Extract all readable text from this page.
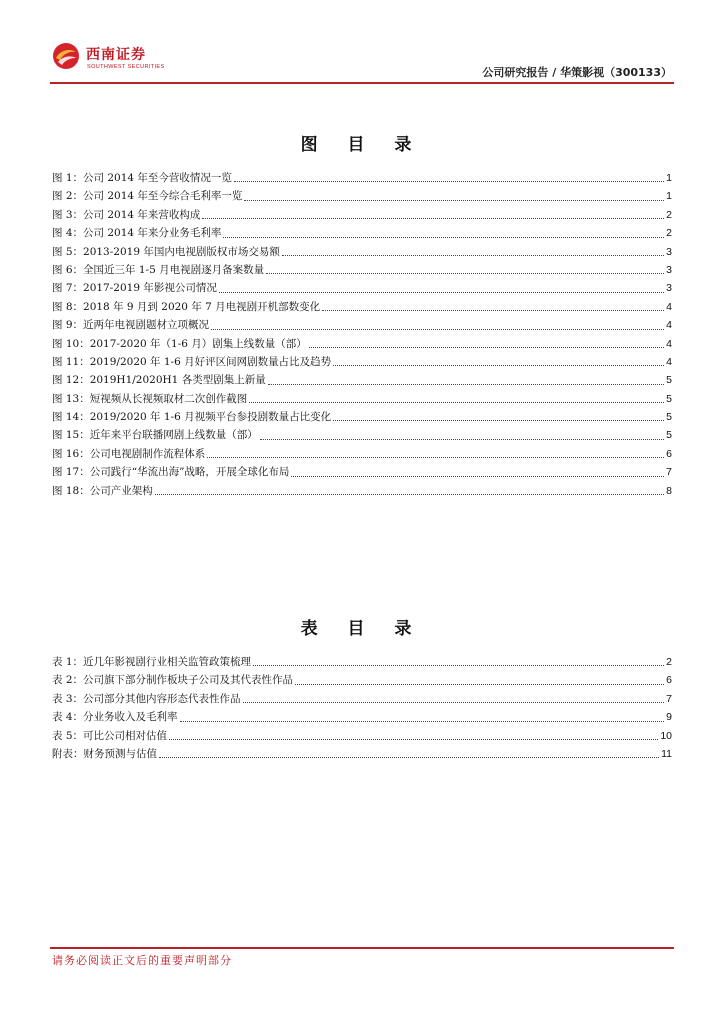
西南证券
SOUTHWEST SECURITIES	公司研究报告 / 华策影视（300133）
图 目 录
图 1：公司 2014 年至今营收情况一览	1
图 2：公司 2014 年至今综合毛利率一览	1
图 3：公司 2014 年来营收构成	2
图 4：公司 2014 年来分业务毛利率	2
图 5：2013-2019 年国内电视剧版权市场交易额	3
图 6：全国近三年 1-5 月电视剧逐月备案数量	3
图 7：2017-2019 年影视公司情况	3
图 8：2018 年 9 月到 2020 年 7 月电视剧开机部数变化	4
图 9：近两年电视剧题材立项概况	4
图 10：2017-2020 年（1-6 月）剧集上线数量（部）	4
图 11：2019/2020 年 1-6 月好评区间网剧数量占比及趋势	4
图 12：2019H1/2020H1 各类型剧集上新量	5
图 13：短视频从长视频取材二次创作截图	5
图 14：2019/2020 年 1-6 月视频平台参投剧数量占比变化	5
图 15：近年来平台联播网剧上线数量（部）	5
图 16：公司电视剧制作流程体系	6
图 17：公司践行“华流出海”战略，开展全球化布局	7
图 18：公司产业架构	8
表 目 录
表 1：近几年影视剧行业相关监管政策梳理	2
表 2：公司旗下部分制作板块子公司及其代表性作品	6
表 3：公司部分其他内容形态代表性作品	7
表 4：分业务收入及毛利率	9
表 5：可比公司相对估值	10
附表：财务预测与估值	11
请务必阅读正文后的重要声明部分
